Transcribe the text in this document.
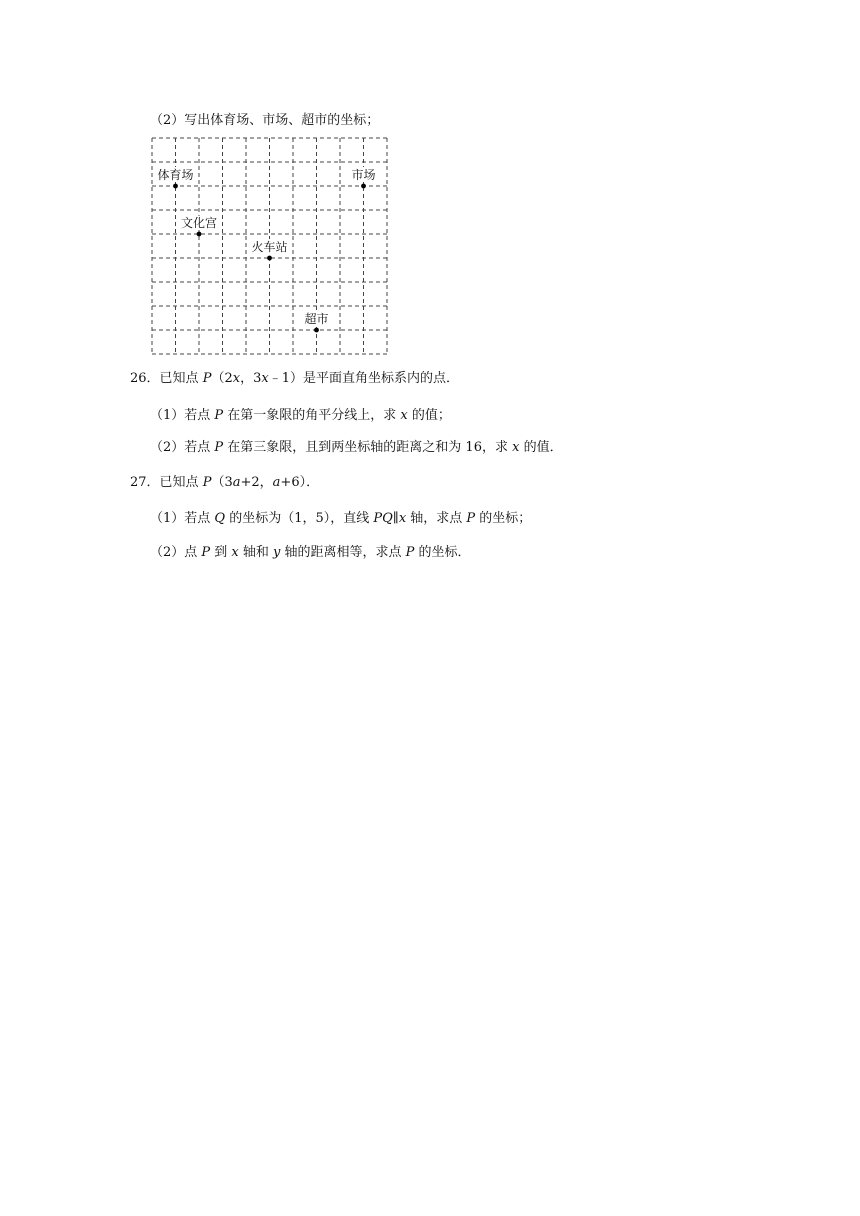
（2）写出体育场、市场、超市的坐标；
体育场	市场
文化宫
火车站
超市
26．已知点 P（2x，3x﹣1）是平面直角坐标系内的点．
（1）若点 P 在第一象限的角平分线上，求 x 的值；
（2）若点 P 在第三象限，且到两坐标轴的距离之和为 16，求 x 的值．
27．已知点 P（3a+2，a+6）．
（1）若点 Q 的坐标为（1，5），直线 PQ∥x 轴，求点 P 的坐标；
（2）点 P 到 x 轴和 y 轴的距离相等，求点 P 的坐标．
